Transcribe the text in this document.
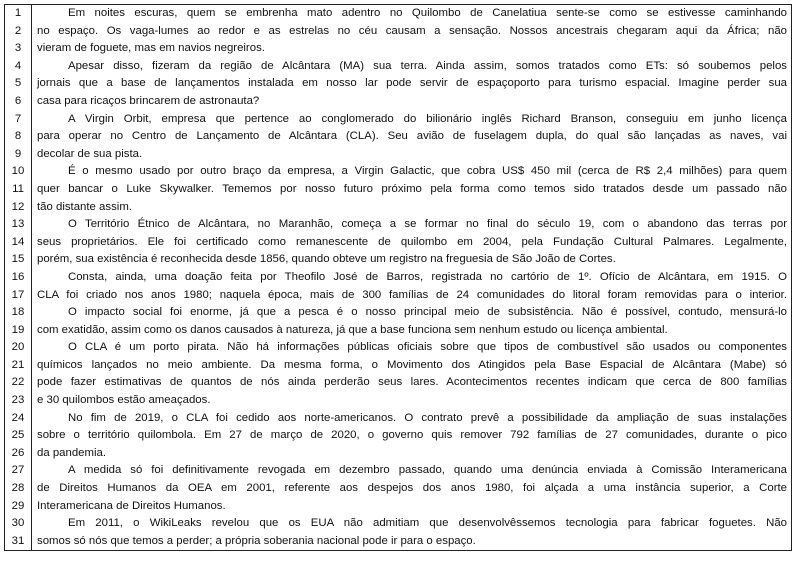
1	Em noites escuras, quem se embrenha mato adentro no Quilombo de Canelatiua sente-se como se estivesse caminhando
2	no espaço. Os vaga-lumes ao redor e as estrelas no céu causam a sensação. Nossos ancestrais chegaram aqui da África; não
3	vieram de foguete, mas em navios negreiros.
4	Apesar disso, fizeram da região de Alcântara (MA) sua terra. Ainda assim, somos tratados como ETs: só soubemos pelos
5	jornais que a base de lançamentos instalada em nosso lar pode servir de espaçoporto para turismo espacial. Imagine perder sua
6	casa para ricaços brincarem de astronauta?
7	A Virgin Orbit, empresa que pertence ao conglomerado do bilionário inglês Richard Branson, conseguiu em junho licença
8	para operar no Centro de Lançamento de Alcântara (CLA). Seu avião de fuselagem dupla, do qual são lançadas as naves, vai
9	decolar de sua pista.
10	É o mesmo usado por outro braço da empresa, a Virgin Galactic, que cobra US$ 450 mil (cerca de R$ 2,4 milhões) para quem
11	quer bancar o Luke Skywalker. Tememos por nosso futuro próximo pela forma como temos sido tratados desde um passado não
12	tão distante assim.
13	O Território Étnico de Alcântara, no Maranhão, começa a se formar no final do século 19, com o abandono das terras por
14	seus proprietários. Ele foi certificado como remanescente de quilombo em 2004, pela Fundação Cultural Palmares. Legalmente,
15	porém, sua existência é reconhecida desde 1856, quando obteve um registro na freguesia de São João de Cortes.
16	Consta, ainda, uma doação feita por Theofilo José de Barros, registrada no cartório de 1º. Ofício de Alcântara, em 1915. O
17	CLA foi criado nos anos 1980; naquela época, mais de 300 famílias de 24 comunidades do litoral foram removidas para o interior.
18	O impacto social foi enorme, já que a pesca é o nosso principal meio de subsistência. Não é possível, contudo, mensurá-lo
19	com exatidão, assim como os danos causados à natureza, já que a base funciona sem nenhum estudo ou licença ambiental.
20	O CLA é um porto pirata. Não há informações públicas oficiais sobre que tipos de combustível são usados ou componentes
21	químicos lançados no meio ambiente. Da mesma forma, o Movimento dos Atingidos pela Base Espacial de Alcântara (Mabe) só
22	pode fazer estimativas de quantos de nós ainda perderão seus lares. Acontecimentos recentes indicam que cerca de 800 famílias
23	e 30 quilombos estão ameaçados.
24	No fim de 2019, o CLA foi cedido aos norte-americanos. O contrato prevê a possibilidade da ampliação de suas instalações
25	sobre o território quilombola. Em 27 de março de 2020, o governo quis remover 792 famílias de 27 comunidades, durante o pico
26	da pandemia.
27	A medida só foi definitivamente revogada em dezembro passado, quando uma denúncia enviada à Comissão Interamericana
28	de Direitos Humanos da OEA em 2001, referente aos despejos dos anos 1980, foi alçada a uma instância superior, a Corte
29	Interamericana de Direitos Humanos.
30	Em 2011, o WikiLeaks revelou que os EUA não admitiam que desenvolvêssemos tecnologia para fabricar foguetes. Não
31	somos só nós que temos a perder; a própria soberania nacional pode ir para o espaço.
